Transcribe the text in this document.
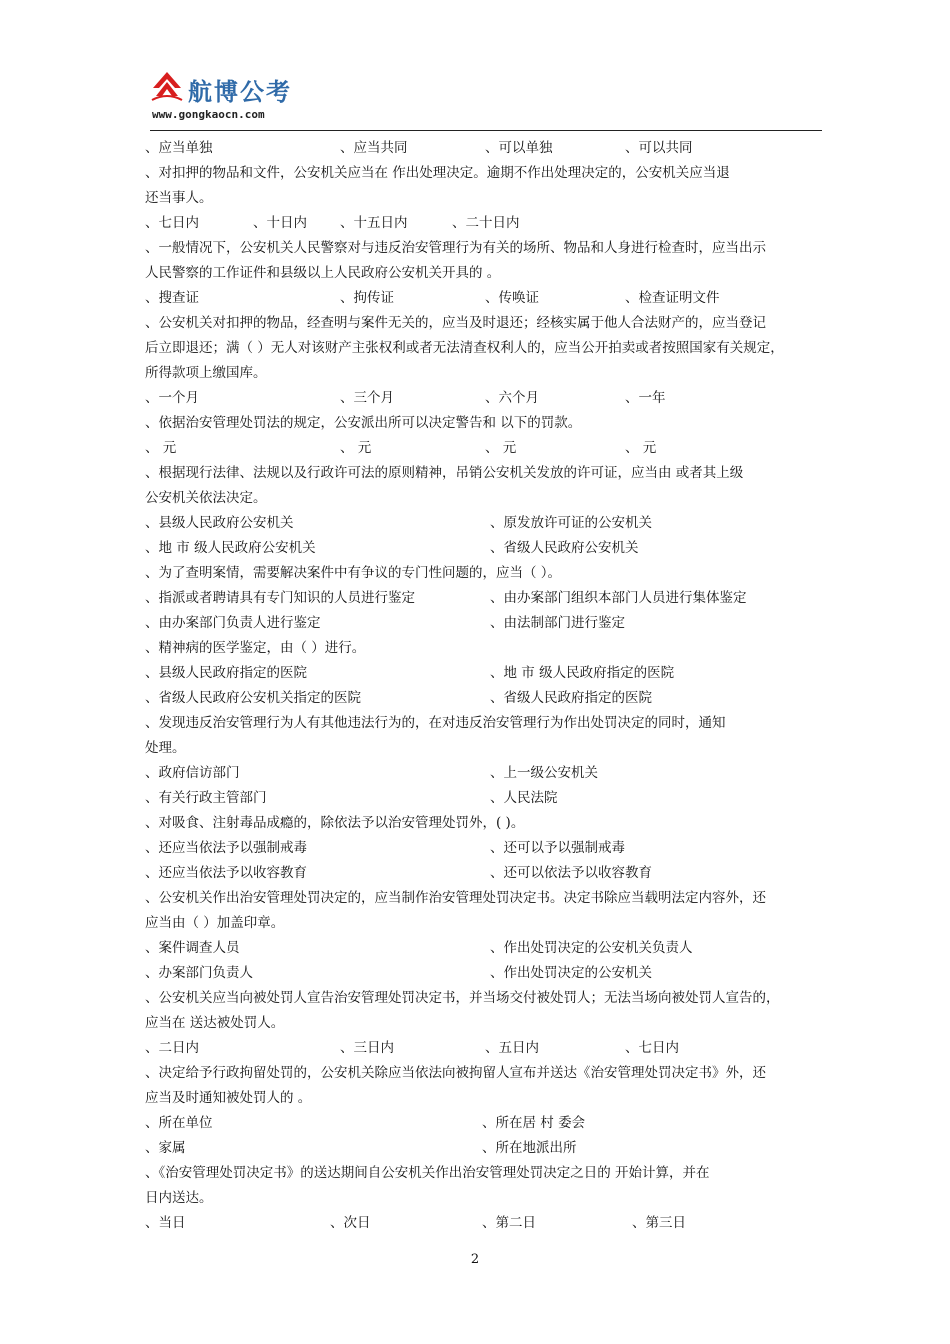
航博公考
www.gongkaocn.com
、应当单独	、应当共同	、可以单独	、可以共同
、对扣押的物品和文件，公安机关应当在 作出处理决定。逾期不作出处理决定的，公安机关应当退
还当事人。
、七日内	、十日内 、十五日内	、二十日内
、一般情况下，公安机关人民警察对与违反治安管理行为有关的场所、物品和人身进行检查时，应当出示
人民警察的工作证件和县级以上人民政府公安机关开具的 。
、搜查证	、拘传证	、传唤证	、检查证明文件
、公安机关对扣押的物品，经查明与案件无关的，应当及时退还；经核实属于他人合法财产的，应当登记
后立即退还；满（ ）无人对该财产主张权利或者无法清查权利人的，应当公开拍卖或者按照国家有关规定，
所得款项上缴国库。
、一个月	、三个月	、六个月	、一年
、依据治安管理处罚法的规定，公安派出所可以决定警告和 以下的罚款。
、 元	、 元	、 元	、 元
、根据现行法律、法规以及行政许可法的原则精神，吊销公安机关发放的许可证，应当由 或者其上级
公安机关依法决定。
、县级人民政府公安机关	、原发放许可证的公安机关
、地 市 级人民政府公安机关	、省级人民政府公安机关
、为了查明案情，需要解决案件中有争议的专门性问题的，应当（ ）。
、指派或者聘请具有专门知识的人员进行鉴定	、由办案部门组织本部门人员进行集体鉴定
、由办案部门负责人进行鉴定	、由法制部门进行鉴定
、精神病的医学鉴定，由（ ）进行。
、县级人民政府指定的医院	、地 市 级人民政府指定的医院
、省级人民政府公安机关指定的医院	、省级人民政府指定的医院
、发现违反治安管理行为人有其他违法行为的，在对违反治安管理行为作出处罚决定的同时，通知
处理。
、政府信访部门	、上一级公安机关
、有关行政主管部门	、人民法院
、对吸食、注射毒品成瘾的，除依法予以治安管理处罚外，( )。
、还应当依法予以强制戒毒	、还可以予以强制戒毒
、还应当依法予以收容教育	、还可以依法予以收容教育
、公安机关作出治安管理处罚决定的，应当制作治安管理处罚决定书。决定书除应当载明法定内容外，还
应当由（ ）加盖印章。
、案件调查人员	、作出处罚决定的公安机关负责人
、办案部门负责人	、作出处罚决定的公安机关
、公安机关应当向被处罚人宣告治安管理处罚决定书，并当场交付被处罚人；无法当场向被处罚人宣告的，
应当在 送达被处罚人。
、二日内	、三日内	、五日内	、七日内
、决定给予行政拘留处罚的，公安机关除应当依法向被拘留人宣布并送达《治安管理处罚决定书》外，还
应当及时通知被处罚人的 。
、所在单位	、所在居 村 委会
、家属	、所在地派出所
、《治安管理处罚决定书》的送达期间自公安机关作出治安管理处罚决定之日的 开始计算，并在
日内送达。
、当日	、次日	、第二日	、第三日
2
